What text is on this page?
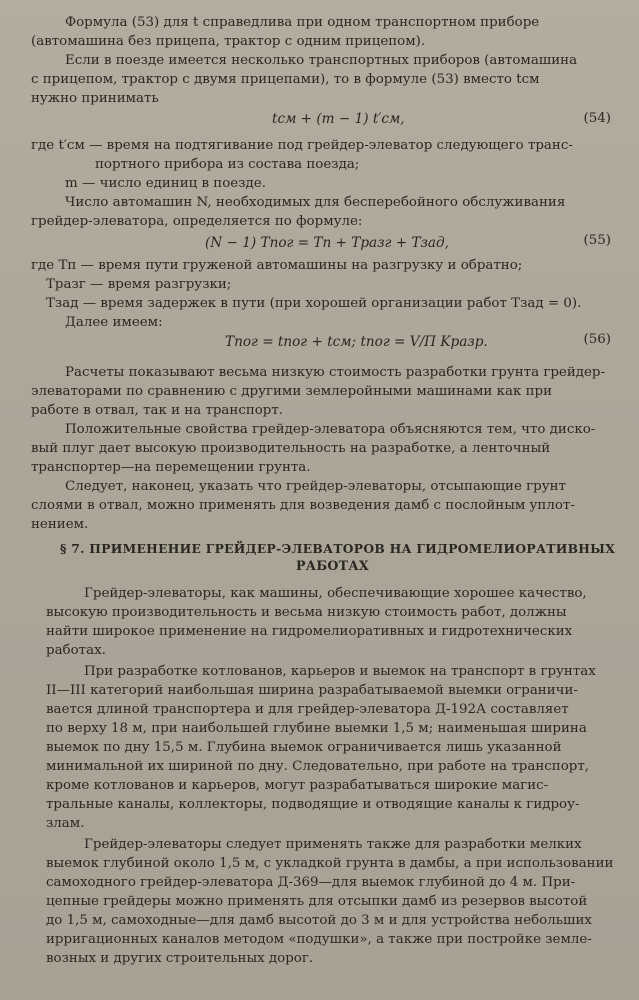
Формула (53) для t справедлива при одном транспортном приборе
(автомашина без прицепа, трактор с одним прицепом).
Если в поезде имеется несколько транспортных приборов (автомашина
с прицепом, трактор с двумя прицепами), то в формуле (53) вместо tсм
нужно принимать
tсм + (m − 1) t′см,	(54)
где t′см — время на подтягивание под грейдер-элеватор следующего транс-
портного прибора из состава поезда;
m — число единиц в поезде.
Число автомашин N, необходимых для бесперебойного обслуживания
грейдер-элеватора, определяется по формуле:
(N − 1) Tпог = Tп + Tразг + Tзад,	(55)
где Tп — время пути груженой автомашины на разгрузку и обратно;
Tразг — время разгрузки;
Tзад — время задержек в пути (при хорошей организации работ Tзад = 0).
Далее имеем:
Tпог = tпог + tсм; tпог = V/П Kразр.	(56)
Расчеты показывают весьма низкую стоимость разработки грунта грейдер-
элеваторами по сравнению с другими землеройными машинами как при
работе в отвал, так и на транспорт.
Положительные свойства грейдер-элеватора объясняются тем, что диско-
вый плуг дает высокую производительность на разработке, а ленточный
транспортер—на перемещении грунта.
Следует, наконец, указать что грейдер-элеваторы, отсыпающие грунт
слоями в отвал, можно применять для возведения дамб с послойным уплот-
нением.
§ 7. ПРИМЕНЕНИЕ ГРЕЙДЕР-ЭЛЕВАТОРОВ НА ГИДРОМЕЛИОРАТИВНЫХ
РАБОТАХ
Грейдер-элеваторы, как машины, обеспечивающие хорошее качество,
высокую производительность и весьма низкую стоимость работ, должны
найти широкое применение на гидромелиоративных и гидротехнических
работах.
При разработке котлованов, карьеров и выемок на транспорт в грунтах
II—III категорий наибольшая ширина разрабатываемой выемки ограничи-
вается длиной транспортера и для грейдер-элеватора Д-192А составляет
по верху 18 м, при наибольшей глубине выемки 1,5 м; наименьшая ширина
выемок по дну 15,5 м. Глубина выемок ограничивается лишь указанной
минимальной их шириной по дну. Следовательно, при работе на транспорт,
кроме котлованов и карьеров, могут разрабатываться широкие магис-
тральные каналы, коллекторы, подводящие и отводящие каналы к гидроу-
злам.
Грейдер-элеваторы следует применять также для разработки мелких
выемок глубиной около 1,5 м, с укладкой грунта в дамбы, а при использовании
самоходного грейдер-элеватора Д-369—для выемок глубиной до 4 м. При-
цепные грейдеры можно применять для отсыпки дамб из резервов высотой
до 1,5 м, самоходные—для дамб высотой до 3 м и для устройства небольших
ирригационных каналов методом «подушки», а также при постройке земле-
возных и других строительных дорог.
